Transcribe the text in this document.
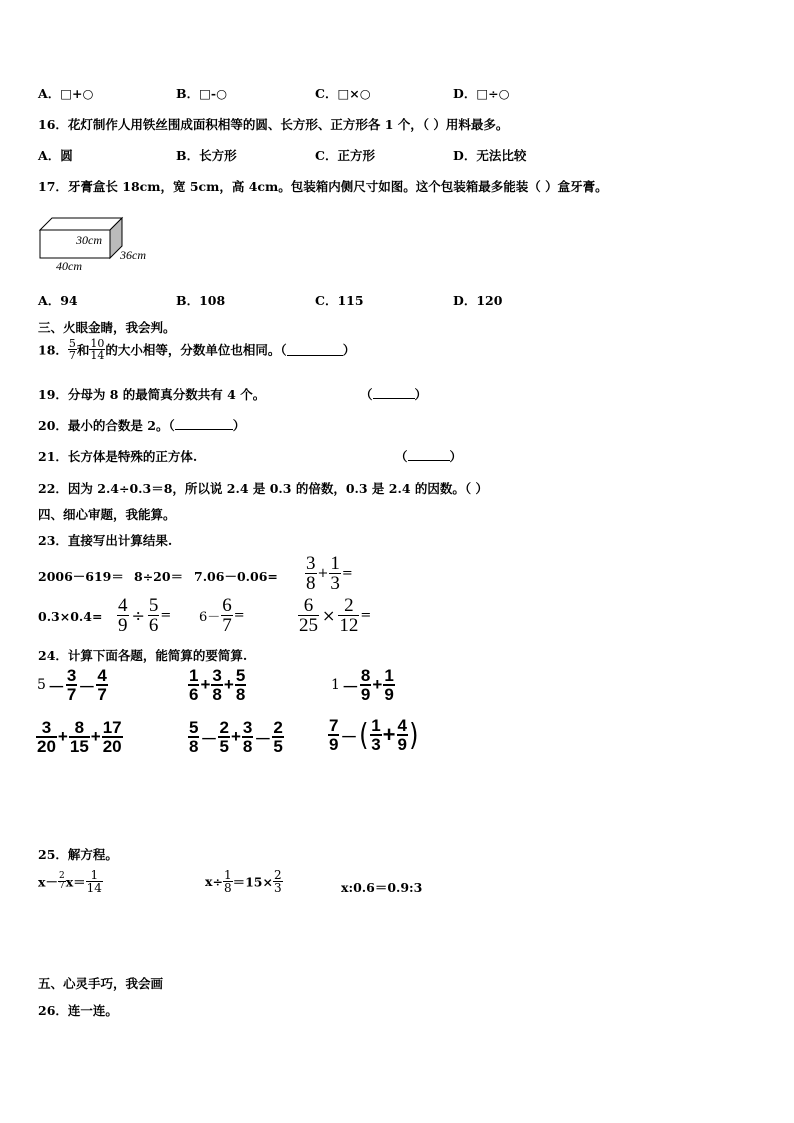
A．□+○	B．□-○	C．□×○	D．□÷○
16．花灯制作人用铁丝围成面积相等的圆、长方形、正方形各 1 个，（ ）用料最多。
A．圆	B．长方形	C．正方形	D．无法比较
17．牙膏盒长 18cm，宽 5cm，高 4cm。包装箱内侧尺寸如图。这个包装箱最多能装（ ）盒牙膏。
30cm
40cm
36cm
A．94	B．108	C．115	D．120
三、火眼金睛，我会判。
18． $\frac{5}{7}$ 和 $\frac{10}{14}$ 的大小相等，分数单位也相同。（	）
19．分母为 8 的最简真分数共有 4 个。	（	）
20．最小的合数是 2。（	）
21．长方体是特殊的正方体.	（	）
22．因为 2.4÷0.3＝8，所以说 2.4 是 0.3 的倍数，0.3 是 2.4 的因数。（ ）
四、细心审题，我能算。
23．直接写出计算结果.
$2006-619= 8\div 20= 7.06-0.06= \frac{3}{8} + \frac{1}{3}$ =
$0.3\times 0.4= \frac{4}{9} \div \frac{5}{6} = 6- \frac{6}{7}$ =	$\frac{6}{25} \times \frac{2}{12}$ =
24．计算下面各题，能简算的要简算.
$5 - \frac{3}{7} - \frac{4}{7}$	$\frac{1}{6} + \frac{3}{8} + \frac{5}{8}$	$1 - \frac{8}{9} + \frac{1}{9}$
$\frac{3}{20} + \frac{8}{15} + \frac{17}{20}$	$\frac{5}{8} - \frac{2}{5} + \frac{3}{8} - \frac{2}{5}$	$\frac{7}{9}$ －( $\frac{1}{3} + \frac{4}{9}$ )
25．解方程。
$x- \frac{2}{7} x= \frac{1}{14}$	$x\div \frac{1}{8} =15\times \frac{2}{3}$	x:0.6＝0.9:3
五、心灵手巧，我会画
26．连一连。
